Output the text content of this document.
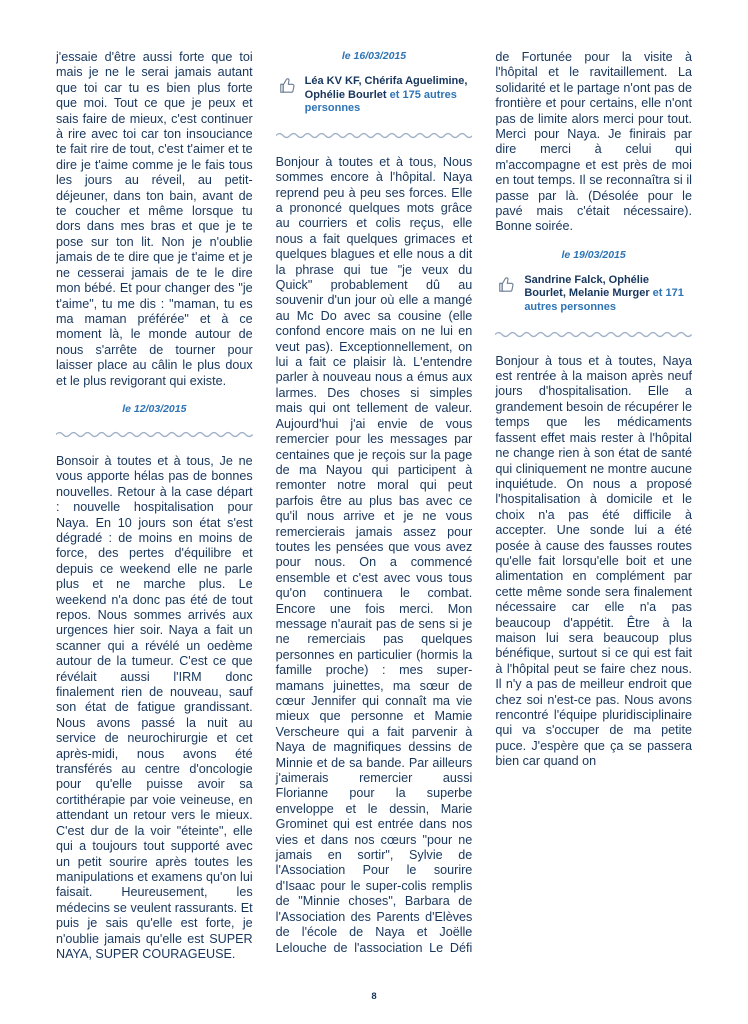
j'essaie d'être aussi forte que toi mais je ne le serai jamais autant que toi car tu es bien plus forte que moi. Tout ce que je peux et sais faire de mieux, c'est continuer à rire avec toi car ton insouciance te fait rire de tout, c'est t'aimer et te dire je t'aime comme je le fais tous les jours au réveil, au petit-déjeuner, dans ton bain, avant de te coucher et même lorsque tu dors dans mes bras et que je te pose sur ton lit. Non je n'oublie jamais de te dire que je t'aime et je ne cesserai jamais de te le dire mon bébé. Et pour changer des "je t'aime", tu me dis : "maman, tu es ma maman préférée" et à ce moment là, le monde autour de nous s'arrête de tourner pour laisser place au câlin le plus doux et le plus revigorant qui existe.

le 12/03/2015

Bonsoir à toutes et à tous, Je ne vous apporte hélas pas de bonnes nouvelles. Retour à la case départ : nouvelle hospitalisation pour Naya. En 10 jours son état s'est dégradé : de moins en moins de force, des pertes d'équilibre et depuis ce weekend elle ne parle plus et ne marche plus. Le weekend n'a donc pas été de tout repos. Nous sommes arrivés aux urgences hier soir. Naya a fait un scanner qui a révélé un oedème autour de la tumeur. C'est ce que révélait aussi l'IRM donc finalement rien de nouveau, sauf son état de fatigue grandissant. Nous avons passé la nuit au service de neurochirurgie et cet après-midi, nous avons été transférés au centre d'oncologie pour qu'elle puisse avoir sa cortithérapie par voie veineuse, en attendant un retour vers le mieux. C'est dur de la voir "éteinte", elle qui a toujours tout supporté avec un petit sourire après toutes les manipulations et examens qu'on lui faisait. Heureusement, les médecins se veulent rassurants. Et puis je sais qu'elle est forte, je n'oublie jamais qu'elle est SUPER NAYA, SUPER COURAGEUSE.

le 16/03/2015
Léa KV KF, Chérifa Aguelimine, Ophélie Bourlet et 175 autres personnes

Bonjour à toutes et à tous, Nous sommes encore à l'hôpital. Naya reprend peu à peu ses forces. Elle a prononcé quelques mots grâce au courriers et colis reçus, elle nous a fait quelques grimaces et quelques blagues et elle nous a dit la phrase qui tue "je veux du Quick" probablement dû au souvenir d'un jour où elle a mangé au Mc Do avec sa cousine (elle confond encore mais on ne lui en veut pas). Exceptionnellement, on lui a fait ce plaisir là. L'entendre parler à nouveau nous a émus aux larmes. Des choses si simples mais qui ont tellement de valeur. Aujourd'hui j'ai envie de vous remercier pour les messages par centaines que je reçois sur la page de ma Nayou qui participent à remonter notre moral qui peut parfois être au plus bas avec ce qu'il nous arrive et je ne vous remercierais jamais assez pour toutes les pensées que vous avez pour nous. On a commencé ensemble et c'est avec vous tous qu'on continuera le combat. Encore une fois merci. Mon message n'aurait pas de sens si je ne remerciais pas quelques personnes en particulier (hormis la famille proche) : mes super-mamans juinettes, ma sœur de cœur Jennifer qui connaît ma vie mieux que personne et Mamie Verscheure qui a fait parvenir à Naya de magnifiques dessins de Minnie et de sa bande. Par ailleurs j'aimerais remercier aussi Florianne pour la superbe enveloppe et le dessin, Marie Grominet qui est entrée dans nos vies et dans nos cœurs "pour ne jamais en sortir", Sylvie de l'Association Pour le sourire d'Isaac pour le super-colis remplis de "Minnie choses", Barbara de l'Association des Parents d'Elèves de l'école de Naya et Joëlle Lelouche de l'association Le Défi de Fortunée pour la visite à l'hôpital et le ravitaillement. La solidarité et le partage n'ont pas de frontière et pour certains, elle n'ont pas de limite alors merci pour tout. Merci pour Naya. Je finirais par dire merci à celui qui m'accompagne et est près de moi en tout temps. Il se reconnaîtra si il passe par là. (Désolée pour le pavé mais c'était nécessaire). Bonne soirée.

le 19/03/2015
Sandrine Falck, Ophélie Bourlet, Melanie Murger et 171 autres personnes

Bonjour à tous et à toutes, Naya est rentrée à la maison après neuf jours d'hospitalisation. Elle a grandement besoin de récupérer le temps que les médicaments fassent effet mais rester à l'hôpital ne change rien à son état de santé qui cliniquement ne montre aucune inquiétude. On nous a proposé l'hospitalisation à domicile et le choix n'a pas été difficile à accepter. Une sonde lui a été posée à cause des fausses routes qu'elle fait lorsqu'elle boit et une alimentation en complément par cette même sonde sera finalement nécessaire car elle n'a pas beaucoup d'appétit. Être à la maison lui sera beaucoup plus bénéfique, surtout si ce qui est fait à l'hôpital peut se faire chez nous. Il n'y a pas de meilleur endroit que chez soi n'est-ce pas. Nous avons rencontré l'équipe pluridisciplinaire qui va s'occuper de ma petite puce. J'espère que ça se passera bien car quand on

8
